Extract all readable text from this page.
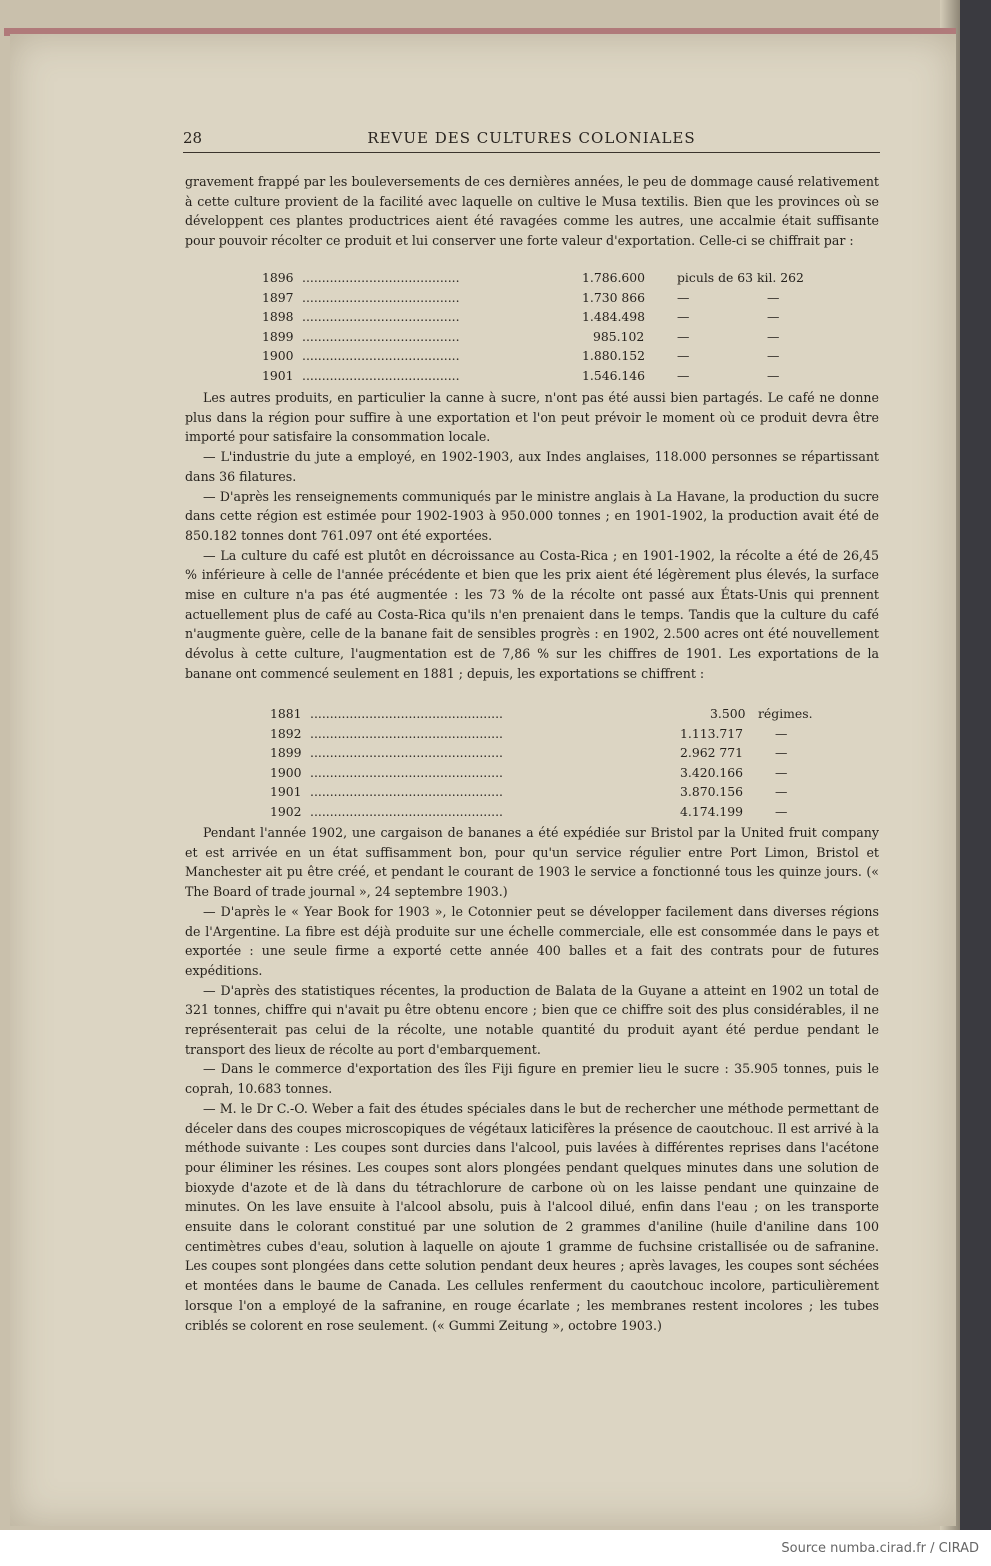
28	REVUE DES CULTURES COLONIALES

gravement frappé par les bouleversements de ces dernières années, le peu de dommage causé relativement à cette culture provient de la facilité avec laquelle on cultive le Musa textilis. Bien que les provinces où se développent ces plantes productrices aient été ravagées comme les autres, une accalmie était suffisante pour pouvoir récolter ce produit et lui conserver une forte valeur d'exportation. Celle-ci se chiffrait par :

1896 ........................................	1.786.600	piculs de 63 kil. 262
1897 ........................................	1.730 866	—	—
1898 ........................................	1.484.498	—	—
1899 ........................................	985.102	—	—
1900 ........................................	1.880.152	—	—
1901 ........................................	1.546.146	—	—

Les autres produits, en particulier la canne à sucre, n'ont pas été aussi bien partagés. Le café ne donne plus dans la région pour suffire à une exportation et l'on peut prévoir le moment où ce produit devra être importé pour satisfaire la consommation locale.

— L'industrie du jute a employé, en 1902-1903, aux Indes anglaises, 118.000 personnes se répartissant dans 36 filatures.

— D'après les renseignements communiqués par le ministre anglais à La Havane, la production du sucre dans cette région est estimée pour 1902-1903 à 950.000 tonnes ; en 1901-1902, la production avait été de 850.182 tonnes dont 761.097 ont été exportées.

— La culture du café est plutôt en décroissance au Costa-Rica ; en 1901-1902, la récolte a été de 26,45 % inférieure à celle de l'année précédente et bien que les prix aient été légèrement plus élevés, la surface mise en culture n'a pas été augmentée : les 73 % de la récolte ont passé aux États-Unis qui prennent actuellement plus de café au Costa-Rica qu'ils n'en prenaient dans le temps. Tandis que la culture du café n'augmente guère, celle de la banane fait de sensibles progrès : en 1902, 2.500 acres ont été nouvellement dévolus à cette culture, l'augmentation est de 7,86 % sur les chiffres de 1901. Les exportations de la banane ont commencé seulement en 1881 ; depuis, les exportations se chiffrent :

1881 .................................................	3.500 régimes.
1892 .................................................	1.113.717	—
1899 .................................................	2.962 771	—
1900 .................................................	3.420.166	—
1901 .................................................	3.870.156	—
1902 .................................................	4.174.199	—

Pendant l'année 1902, une cargaison de bananes a été expédiée sur Bristol par la United fruit company et est arrivée en un état suffisamment bon, pour qu'un service régulier entre Port Limon, Bristol et Manchester ait pu être créé, et pendant le courant de 1903 le service a fonctionné tous les quinze jours. (« The Board of trade journal », 24 septembre 1903.)

— D'après le « Year Book for 1903 », le Cotonnier peut se développer facilement dans diverses régions de l'Argentine. La fibre est déjà produite sur une échelle commerciale, elle est consommée dans le pays et exportée : une seule firme a exporté cette année 400 balles et a fait des contrats pour de futures expéditions.

— D'après des statistiques récentes, la production de Balata de la Guyane a atteint en 1902 un total de 321 tonnes, chiffre qui n'avait pu être obtenu encore ; bien que ce chiffre soit des plus considérables, il ne représenterait pas celui de la récolte, une notable quantité du produit ayant été perdue pendant le transport des lieux de récolte au port d'embarquement.

— Dans le commerce d'exportation des îles Fiji figure en premier lieu le sucre : 35.905 tonnes, puis le coprah, 10.683 tonnes.

— M. le Dr C.-O. Weber a fait des études spéciales dans le but de rechercher une méthode permettant de déceler dans des coupes microscopiques de végétaux laticifères la présence de caoutchouc. Il est arrivé à la méthode suivante : Les coupes sont durcies dans l'alcool, puis lavées à différentes reprises dans l'acétone pour éliminer les résines. Les coupes sont alors plongées pendant quelques minutes dans une solution de bioxyde d'azote et de là dans du tétrachlorure de carbone où on les laisse pendant une quinzaine de minutes. On les lave ensuite à l'alcool absolu, puis à l'alcool dilué, enfin dans l'eau ; on les transporte ensuite dans le colorant constitué par une solution de 2 grammes d'aniline (huile d'aniline dans 100 centimètres cubes d'eau, solution à laquelle on ajoute 1 gramme de fuchsine cristallisée ou de safranine. Les coupes sont plongées dans cette solution pendant deux heures ; après lavages, les coupes sont séchées et montées dans le baume de Canada. Les cellules renferment du caoutchouc incolore, particulièrement lorsque l'on a employé de la safranine, en rouge écarlate ; les membranes restent incolores ; les tubes criblés se colorent en rose seulement. (« Gummi Zeitung », octobre 1903.)

Source numba.cirad.fr / CIRAD
